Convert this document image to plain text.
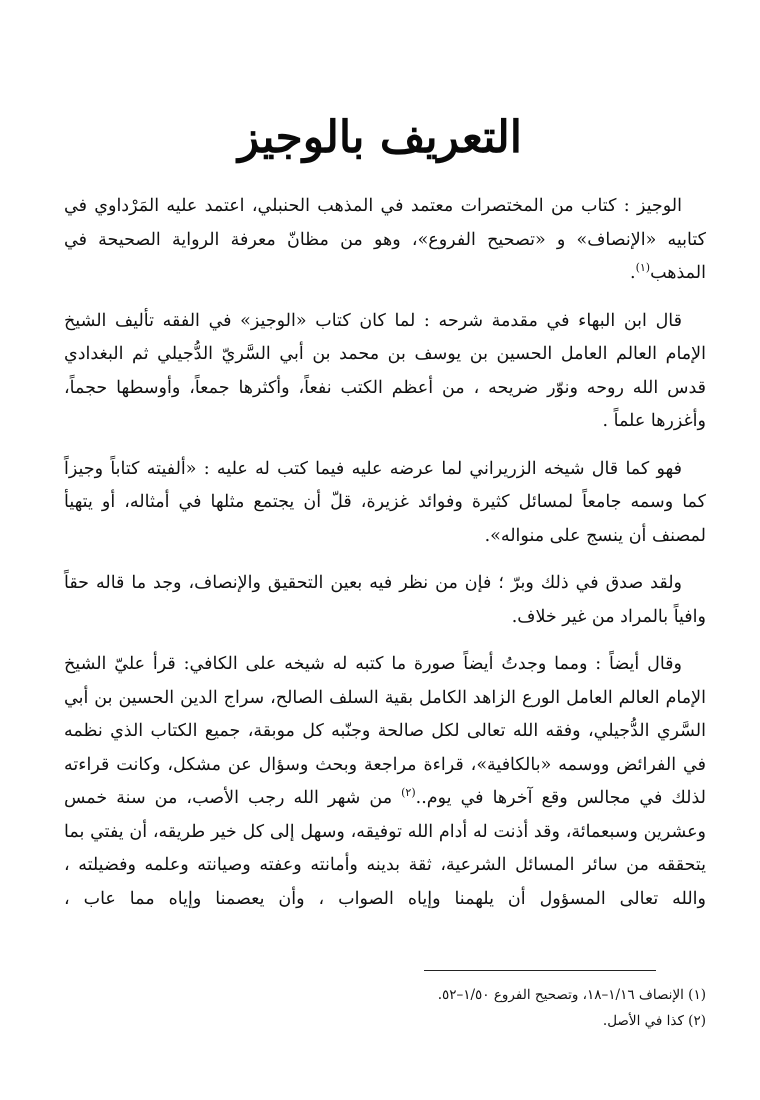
التعريف بالوجيز

الوجيز : كتاب من المختصرات معتمد في المذهب الحنبلي، اعتمد عليه المَرْداوي في كتابيه «الإنصاف» و «تصحيح الفروع»، وهو من مظانّ معرفة الرواية الصحيحة في المذهب$^{(١)}$.

قال ابن البهاء في مقدمة شرحه : لما كان كتاب «الوجيز» في الفقه تأليف الشيخ الإمام العالم العامل الحسين بن يوسف بن محمد بن أبي السَّريّ الدُّجيلي ثم البغدادي قدس الله روحه ونوّر ضريحه ، من أعظم الكتب نفعاً، وأكثرها جمعاً، وأوسطها حجماً، وأغزرها علماً .

فهو كما قال شيخه الزريراني لما عرضه عليه فيما كتب له عليه : «ألفيته كتاباً وجيزاً كما وسمه جامعاً لمسائل كثيرة وفوائد غزيرة، قلّ أن يجتمع مثلها في أمثاله، أو يتهيأ لمصنف أن ينسج على منواله».

ولقد صدق في ذلك وبرّ ؛ فإن من نظر فيه بعين التحقيق والإنصاف، وجد ما قاله حقاً وافياً بالمراد من غير خلاف.

وقال أيضاً : ومما وجدتُ أيضاً صورة ما كتبه له شيخه على الكافي: قرأ عليّ الشيخ الإمام العالم العامل الورع الزاهد الكامل بقية السلف الصالح، سراج الدين الحسين بن أبي السَّري الدُّجيلي، وفقه الله تعالى لكل صالحة وجنّبه كل موبقة، جميع الكتاب الذي نظمه في الفرائض ووسمه «بالكافية»، قراءة مراجعة وبحث وسؤال عن مشكل، وكانت قراءته لذلك في مجالس وقع آخرها في يوم..$^{(٢)}$ من شهر الله رجب الأصب، من سنة خمس وعشرين وسبعمائة، وقد أذنت له أدام الله توفيقه، وسهل إلى كل خير طريقه، أن يفتي بما يتحققه من سائر المسائل الشرعية، ثقة بدينه وأمانته وعفته وصيانته وعلمه وفضيلته ، والله تعالى المسؤول أن يلهمنا وإياه الصواب ، وأن يعصمنا وإياه مما عاب ،

(١) الإنصاف ١/١٦–١٨، وتصحيح الفروع ١/٥٠–٥٢.

(٢) كذا في الأصل.
